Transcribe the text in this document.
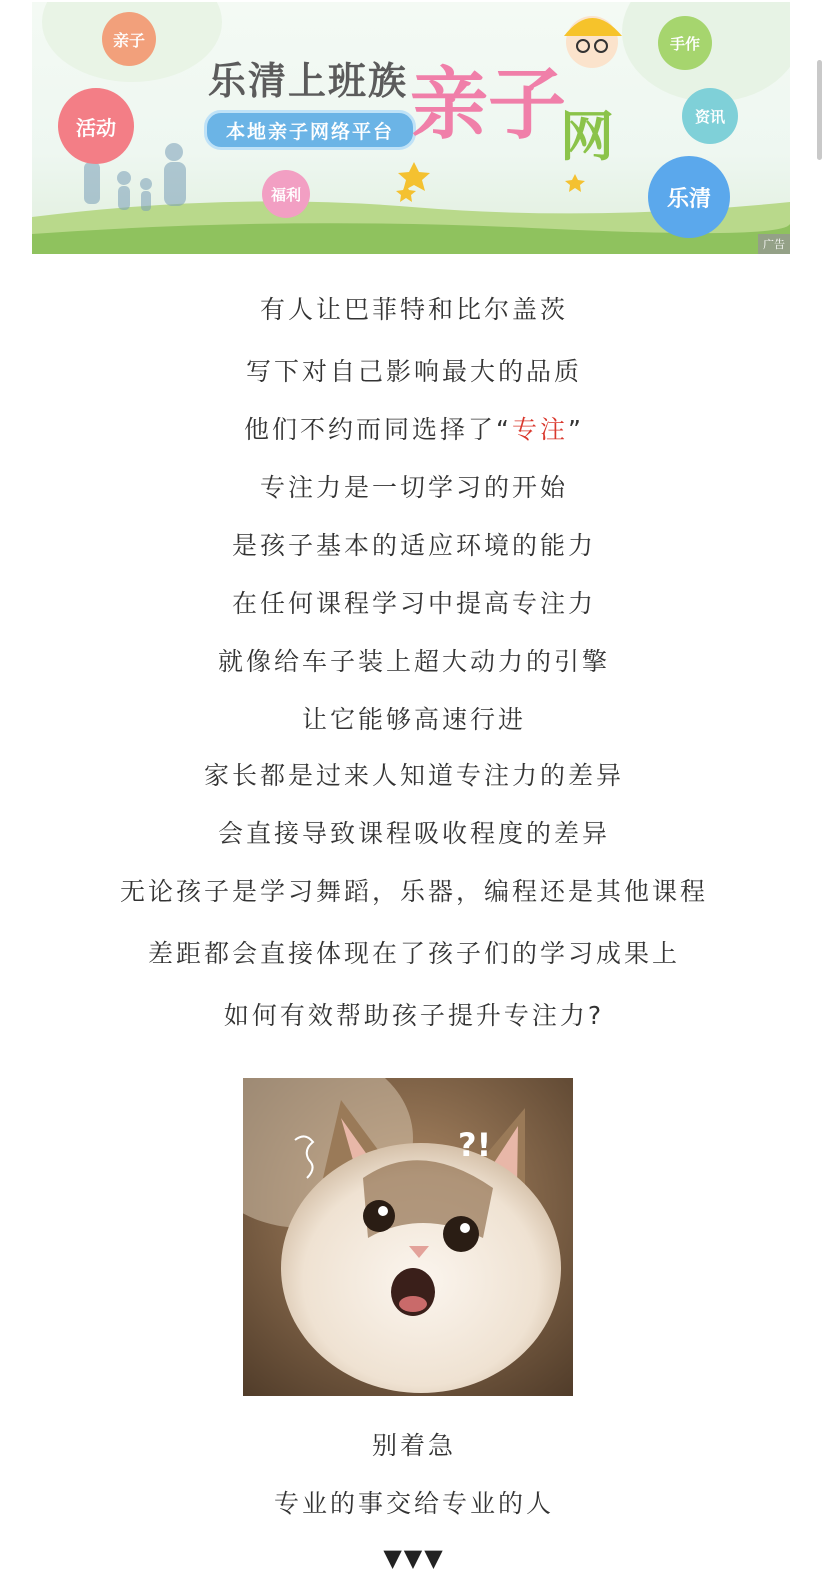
亲子
活动
福利
手作
资讯
乐清
乐清上班族
本地亲子网络平台 亲子
网
广告
有人让巴菲特和比尔盖茨
写下对自己影响最大的品质
他们不约而同选择了“专注”
专注力是一切学习的开始
是孩子基本的适应环境的能力
在任何课程学习中提高专注力
就像给车子装上超大动力的引擎
让它能够高速行进
家长都是过来人知道专注力的差异
会直接导致课程吸收程度的差异
无论孩子是学习舞蹈，乐器，编程还是其他课程
差距都会直接体现在了孩子们的学习成果上
如何有效帮助孩子提升专注力?
?!
别着急
专业的事交给专业的人
▼▼▼
